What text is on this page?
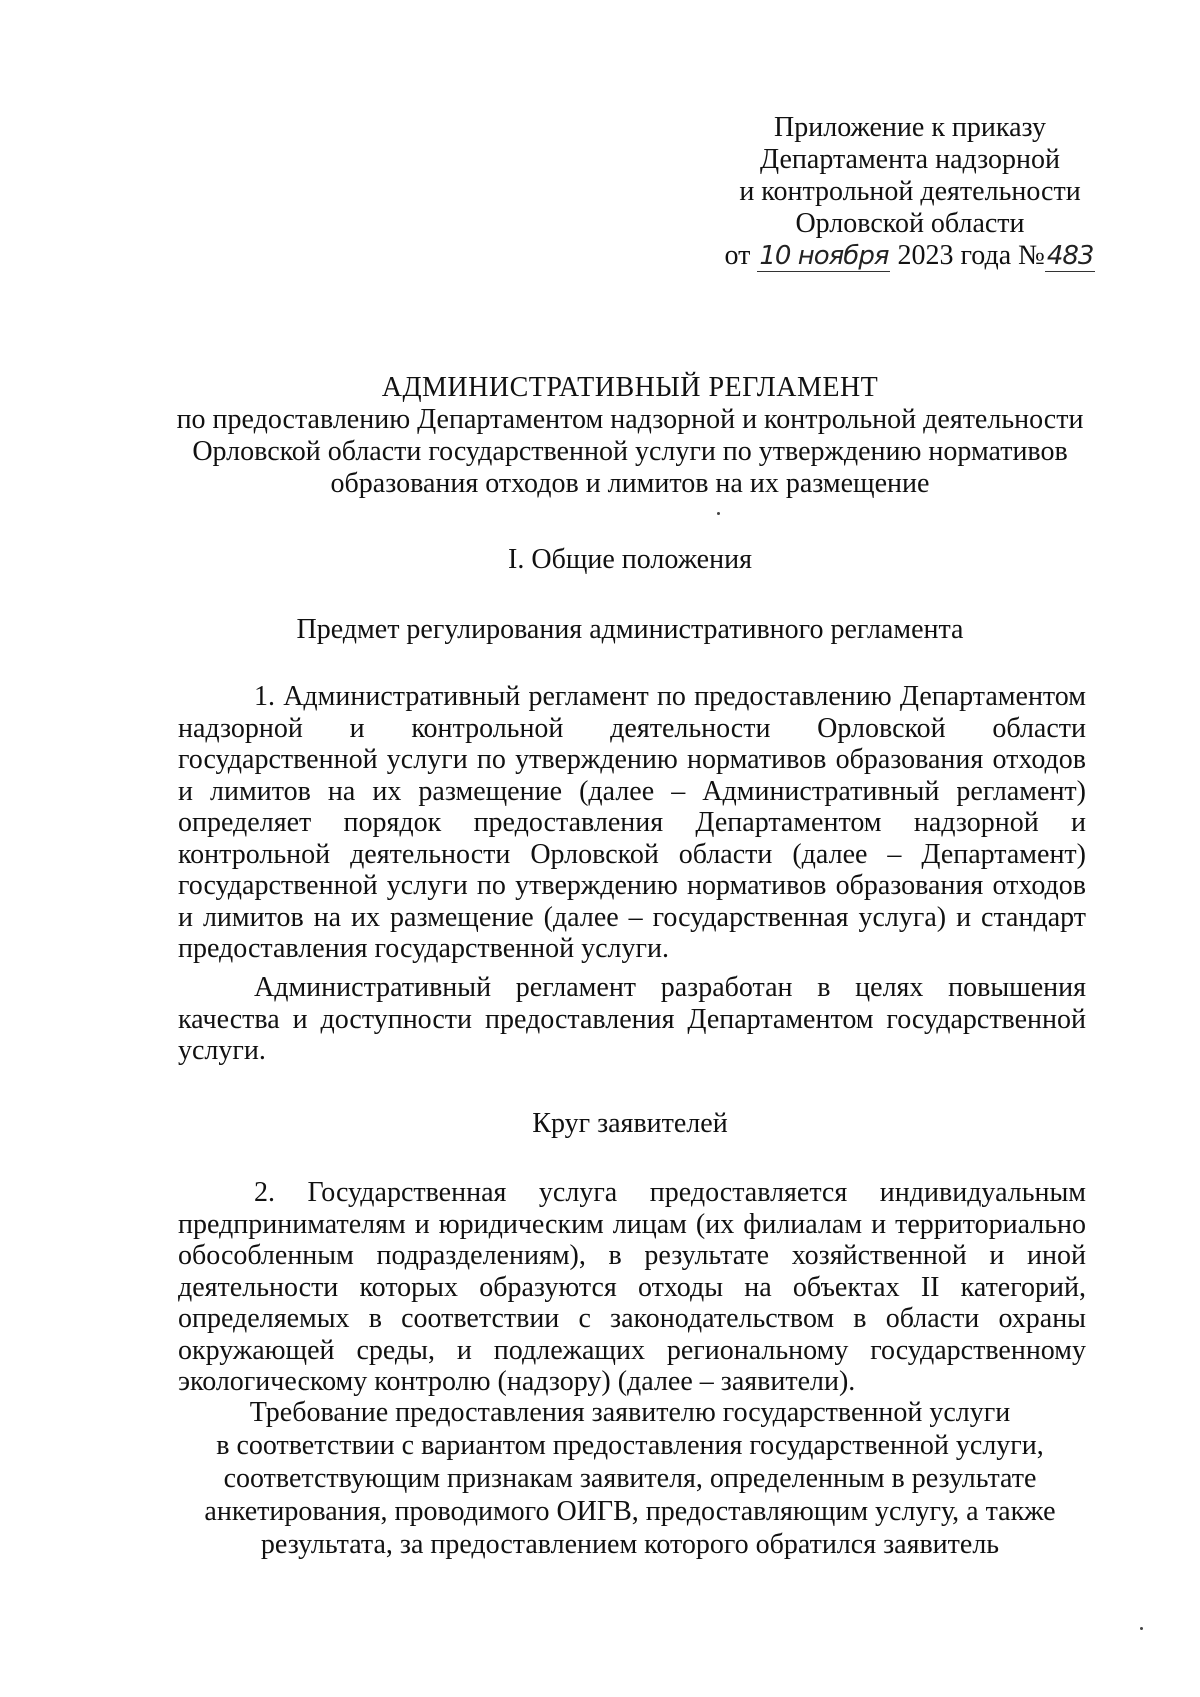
Приложение к приказу
Департамента надзорной
и контрольной деятельности
Орловской области
от 10 ноября 2023 года №483
АДМИНИСТРАТИВНЫЙ РЕГЛАМЕНТ
по предоставлению Департаментом надзорной и контрольной деятельности
Орловской области государственной услуги по утверждению нормативов
образования отходов и лимитов на их размещение
I. Общие положения
Предмет регулирования административного регламента
1. Административный регламент по предоставлению Департаментом надзорной и контрольной деятельности Орловской области государственной услуги по утверждению нормативов образования отходов и лимитов на их размещение (далее – Административный регламент) определяет порядок предоставления Департаментом надзорной и контрольной деятельности Орловской области (далее – Департамент) государственной услуги по утверждению нормативов образования отходов и лимитов на их размещение (далее – государственная услуга) и стандарт предоставления государственной услуги.
Административный регламент разработан в целях повышения качества и доступности предоставления Департаментом государственной услуги.
Круг заявителей
2. Государственная услуга предоставляется индивидуальным предпринимателям и юридическим лицам (их филиалам и территориально обособленным подразделениям), в результате хозяйственной и иной деятельности которых образуются отходы на объектах II категорий, определяемых в соответствии с законодательством в области охраны окружающей среды, и подлежащих региональному государственному экологическому контролю (надзору) (далее – заявители).
Требование предоставления заявителю государственной услуги
в соответствии с вариантом предоставления государственной услуги,
соответствующим признакам заявителя, определенным в результате
анкетирования, проводимого ОИГВ, предоставляющим услугу, а также
результата, за предоставлением которого обратился заявитель
